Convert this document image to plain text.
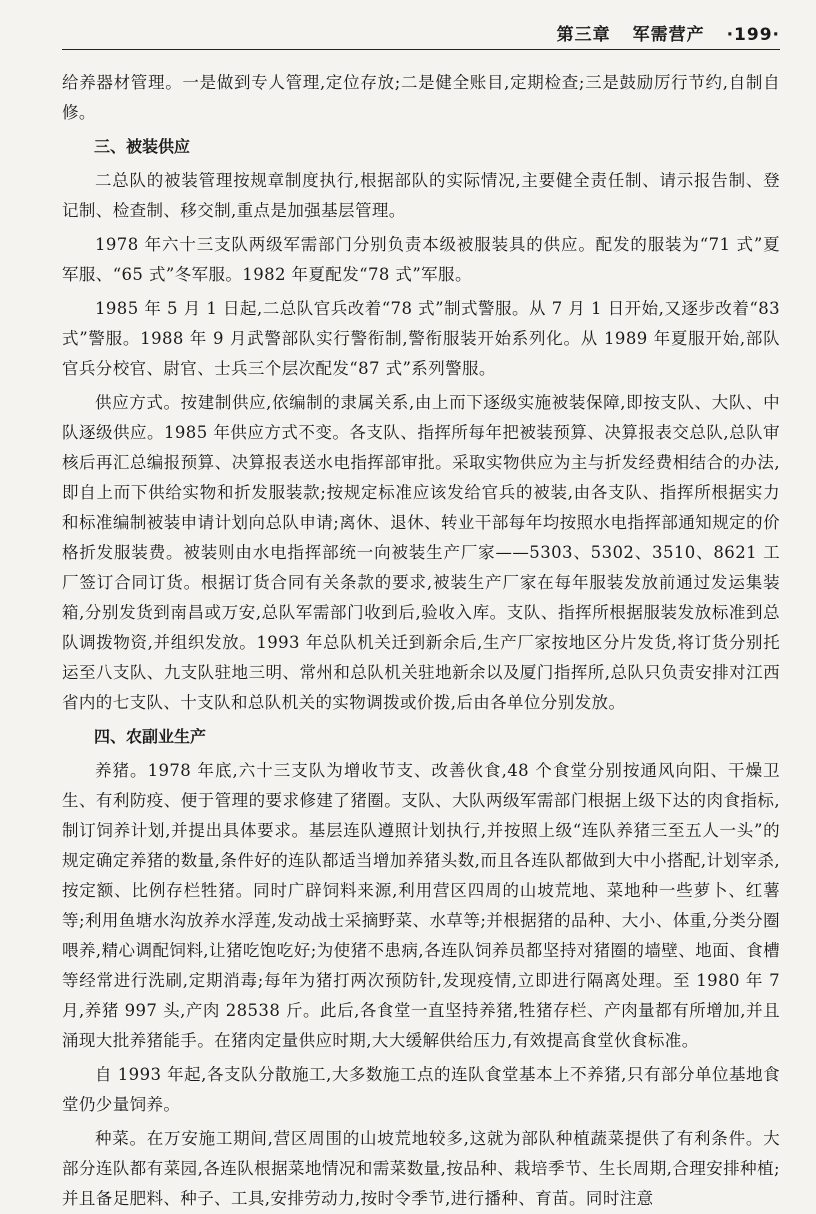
第三章 军需营产 ·199·

给养器材管理。一是做到专人管理,定位存放;二是健全账目,定期检查;三是鼓励厉行节约,自制自修。

三、被装供应

二总队的被装管理按规章制度执行,根据部队的实际情况,主要健全责任制、请示报告制、登记制、检查制、移交制,重点是加强基层管理。

1978 年六十三支队两级军需部门分别负责本级被服装具的供应。配发的服装为“71 式”夏军服、“65 式”冬军服。1982 年夏配发“78 式”军服。

1985 年 5 月 1 日起,二总队官兵改着“78 式”制式警服。从 7 月 1 日开始,又逐步改着“83 式”警服。1988 年 9 月武警部队实行警衔制,警衔服装开始系列化。从 1989 年夏服开始,部队官兵分校官、尉官、士兵三个层次配发“87 式”系列警服。

供应方式。按建制供应,依编制的隶属关系,由上而下逐级实施被装保障,即按支队、大队、中队逐级供应。1985 年供应方式不变。各支队、指挥所每年把被装预算、决算报表交总队,总队审核后再汇总编报预算、决算报表送水电指挥部审批。采取实物供应为主与折发经费相结合的办法,即自上而下供给实物和折发服装款;按规定标准应该发给官兵的被装,由各支队、指挥所根据实力和标准编制被装申请计划向总队申请;离休、退休、转业干部每年均按照水电指挥部通知规定的价格折发服装费。被装则由水电指挥部统一向被装生产厂家——5303、5302、3510、8621 工厂签订合同订货。根据订货合同有关条款的要求,被装生产厂家在每年服装发放前通过发运集装箱,分别发货到南昌或万安,总队军需部门收到后,验收入库。支队、指挥所根据服装发放标准到总队调拨物资,并组织发放。1993 年总队机关迁到新余后,生产厂家按地区分片发货,将订货分别托运至八支队、九支队驻地三明、常州和总队机关驻地新余以及厦门指挥所,总队只负责安排对江西省内的七支队、十支队和总队机关的实物调拨或价拨,后由各单位分别发放。

四、农副业生产

养猪。1978 年底,六十三支队为增收节支、改善伙食,48 个食堂分别按通风向阳、干燥卫生、有利防疫、便于管理的要求修建了猪圈。支队、大队两级军需部门根据上级下达的肉食指标,制订饲养计划,并提出具体要求。基层连队遵照计划执行,并按照上级“连队养猪三至五人一头”的规定确定养猪的数量,条件好的连队都适当增加养猪头数,而且各连队都做到大中小搭配,计划宰杀,按定额、比例存栏牲猪。同时广辟饲料来源,利用营区四周的山坡荒地、菜地种一些萝卜、红薯等;利用鱼塘水沟放养水浮莲,发动战士采摘野菜、水草等;并根据猪的品种、大小、体重,分类分圈喂养,精心调配饲料,让猪吃饱吃好;为使猪不患病,各连队饲养员都坚持对猪圈的墙壁、地面、食槽等经常进行洗刷,定期消毒;每年为猪打两次预防针,发现疫情,立即进行隔离处理。至 1980 年 7 月,养猪 997 头,产肉 28538 斤。此后,各食堂一直坚持养猪,牲猪存栏、产肉量都有所增加,并且涌现大批养猪能手。在猪肉定量供应时期,大大缓解供给压力,有效提高食堂伙食标准。

自 1993 年起,各支队分散施工,大多数施工点的连队食堂基本上不养猪,只有部分单位基地食堂仍少量饲养。

种菜。在万安施工期间,营区周围的山坡荒地较多,这就为部队种植蔬菜提供了有利条件。大部分连队都有菜园,各连队根据菜地情况和需菜数量,按品种、栽培季节、生长周期,合理安排种植;并且备足肥料、种子、工具,安排劳动力,按时令季节,进行播种、育苗。同时注意
